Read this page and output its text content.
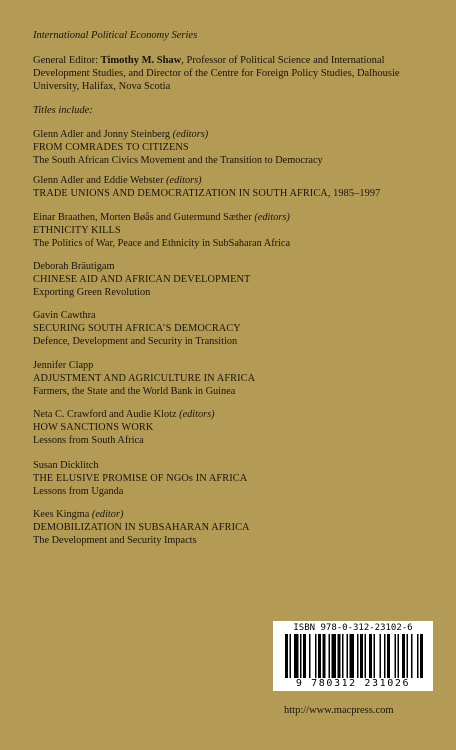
International Political Economy Series
General Editor: Timothy M. Shaw, Professor of Political Science and International Development Studies, and Director of the Centre for Foreign Policy Studies, Dalhousie University, Halifax, Nova Scotia
Titles include:
Glenn Adler and Jonny Steinberg (editors)
FROM COMRADES TO CITIZENS
The South African Civics Movement and the Transition to Democracy
Glenn Adler and Eddie Webster (editors)
TRADE UNIONS AND DEMOCRATIZATION IN SOUTH AFRICA, 1985–1997
Einar Braathen, Morten Bøås and Gutermund Sæther (editors)
ETHNICITY KILLS
The Politics of War, Peace and Ethnicity in SubSaharan Africa
Deborah Bräutigam
CHINESE AID AND AFRICAN DEVELOPMENT
Exporting Green Revolution
Gavin Cawthra
SECURING SOUTH AFRICA’S DEMOCRACY
Defence, Development and Security in Transition
Jennifer Clapp
ADJUSTMENT AND AGRICULTURE IN AFRICA
Farmers, the State and the World Bank in Guinea
Neta C. Crawford and Audie Klotz (editors)
HOW SANCTIONS WORK
Lessons from South Africa
Susan Dicklitch
THE ELUSIVE PROMISE OF NGOs IN AFRICA
Lessons from Uganda
Kees Kingma (editor)
DEMOBILIZATION IN SUBSAHARAN AFRICA
The Development and Security Impacts
ISBN 978-0-312-23102-6
9 780312 231026
http://www.macpress.com
